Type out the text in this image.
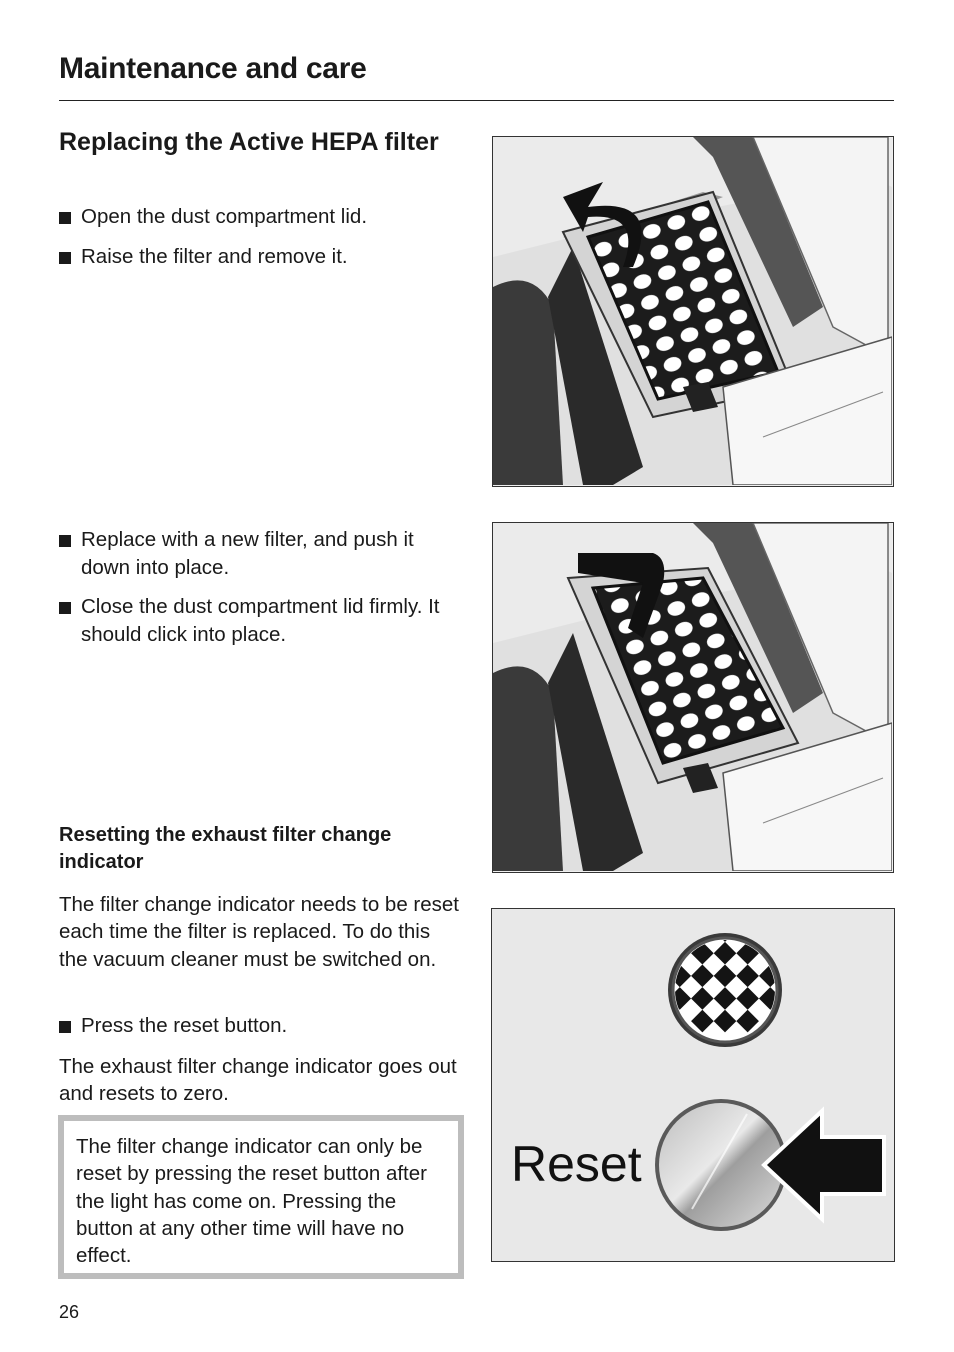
Maintenance and care
Replacing the Active HEPA filter
Open the dust compartment lid.
Raise the filter and remove it.
Replace with a new filter, and push it down into place.
Close the dust compartment lid firmly. It should click into place.
Resetting the exhaust filter change indicator
The filter change indicator needs to be reset each time the filter is replaced. To do this the vacuum cleaner must be switched on.
Press the reset button.
The exhaust filter change indicator goes out and resets to zero.
The filter change indicator can only be reset by pressing the reset button after the light has come on. Pressing the button at any other time will have no effect.
26
Reset
